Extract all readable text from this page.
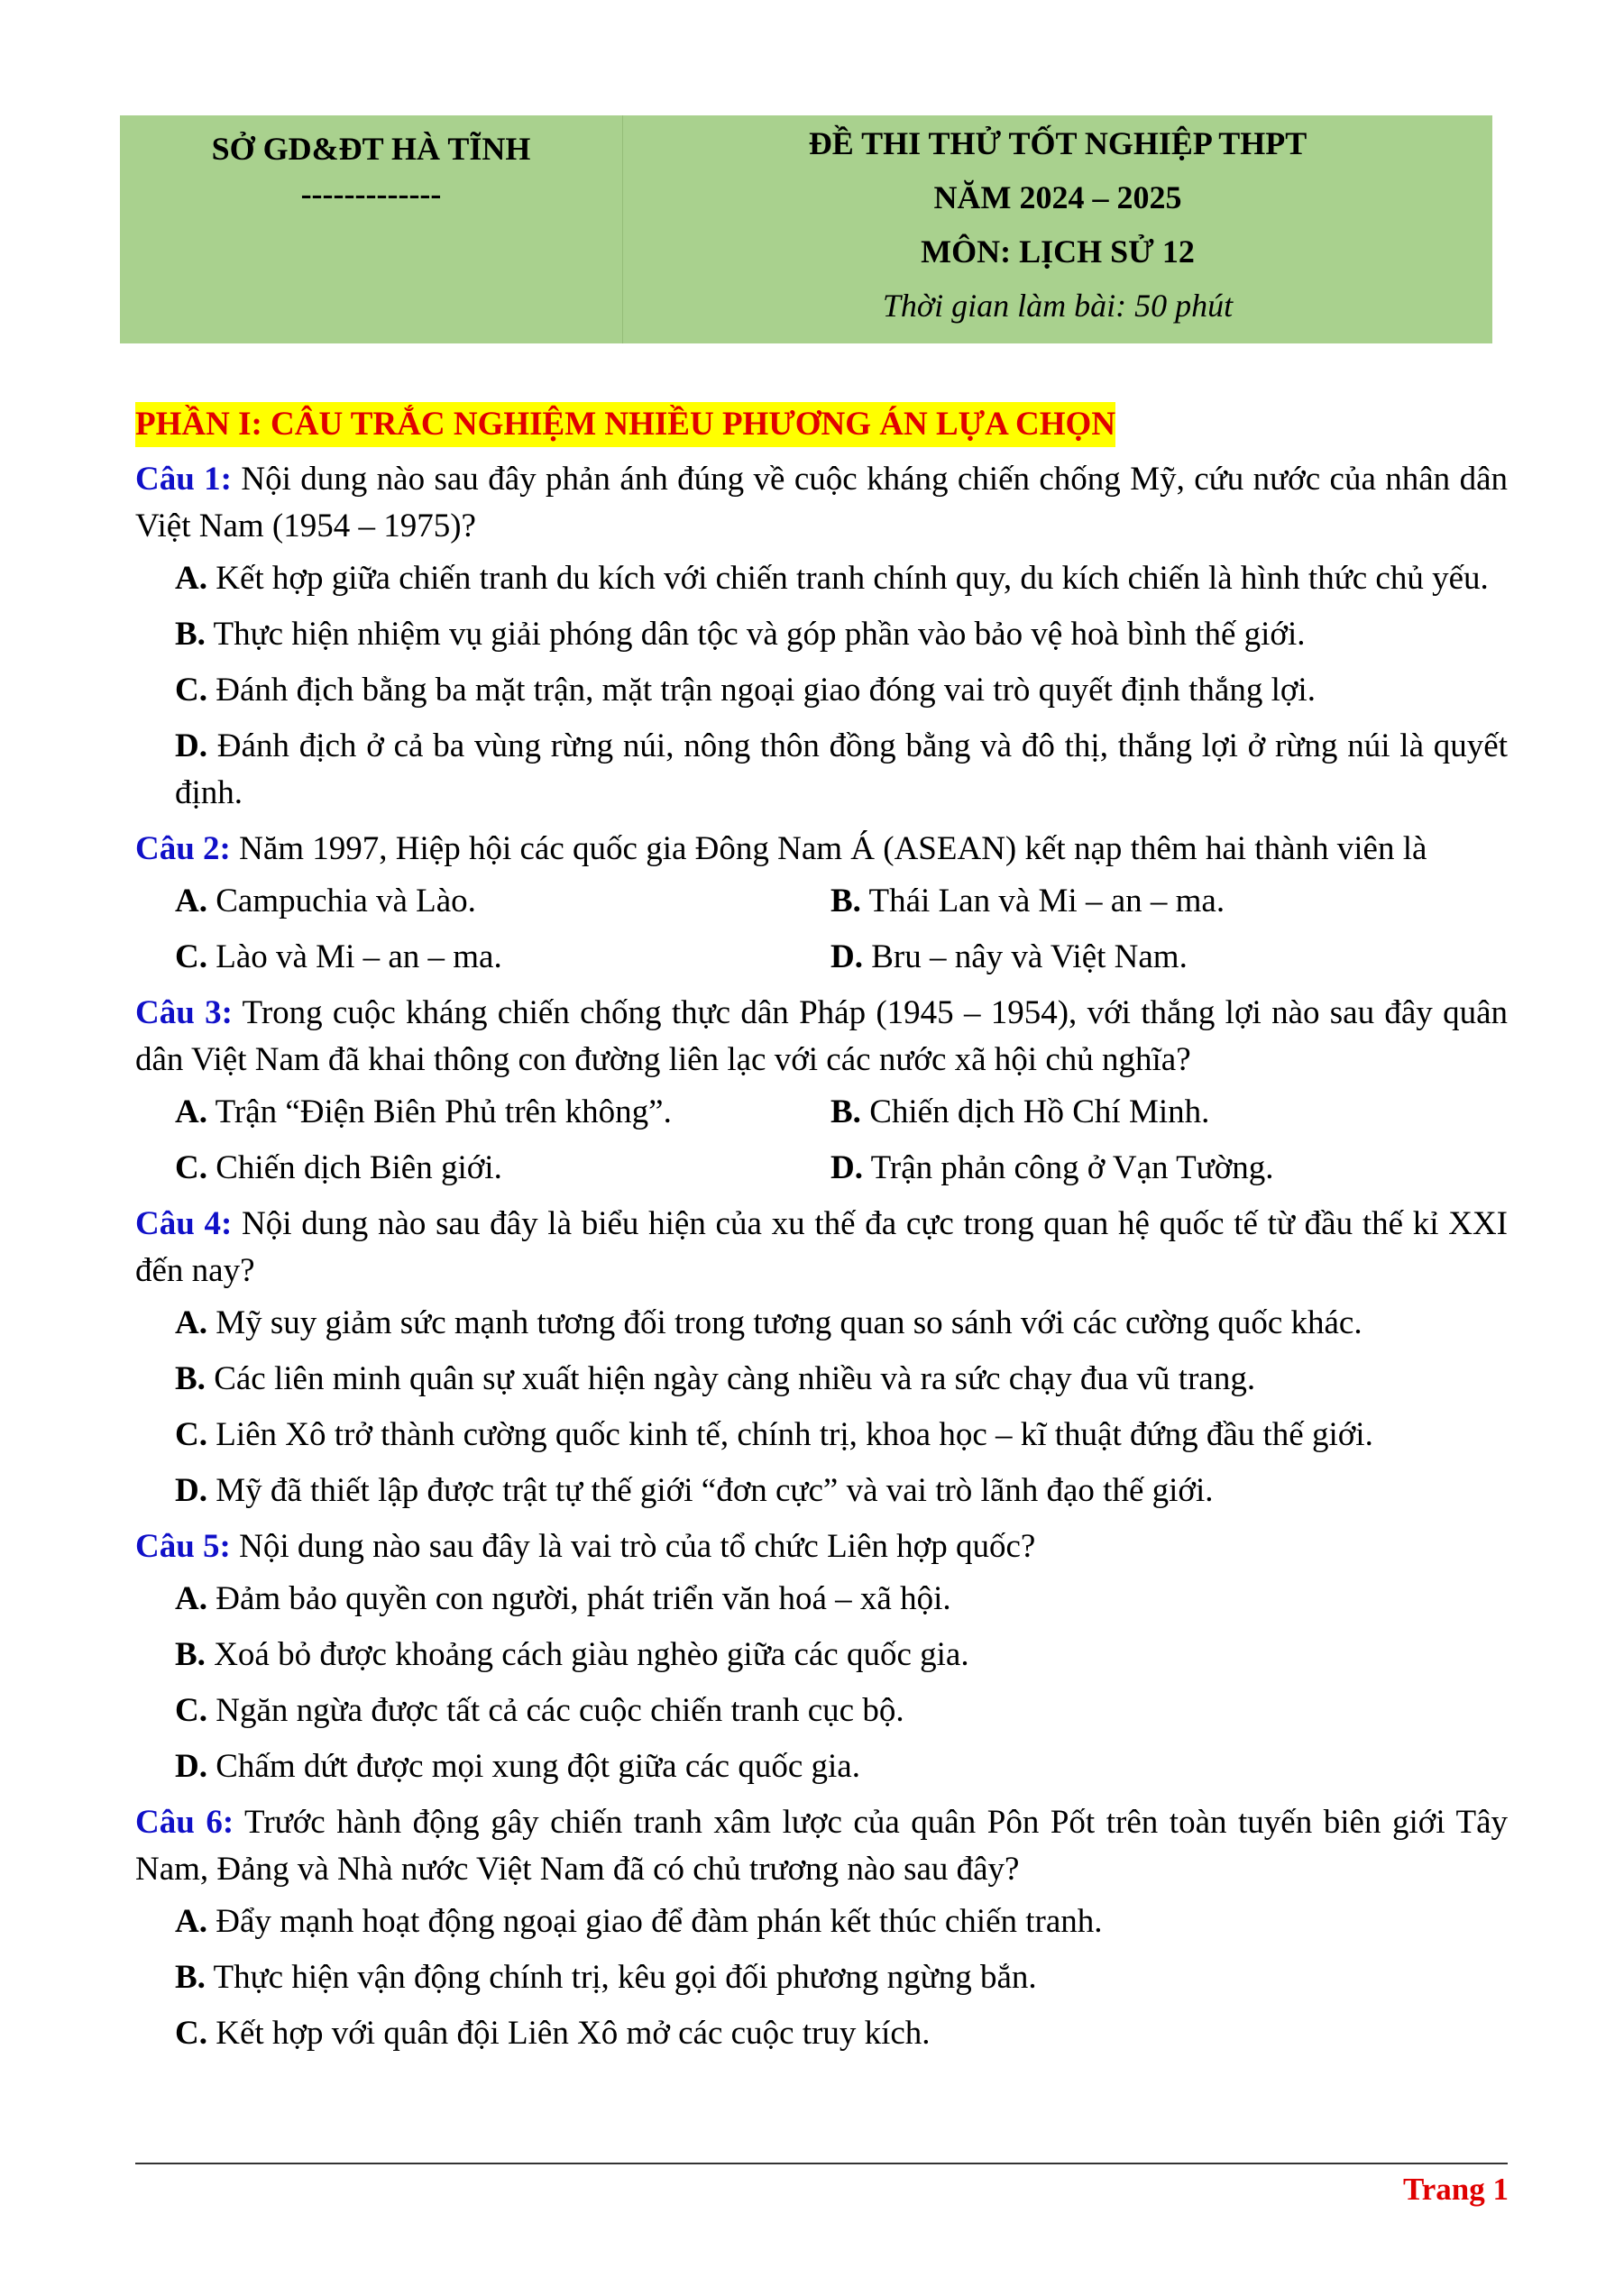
SỞ GD&ĐT HÀ TĨNH
-------------
ĐỀ THI THỬ TỐT NGHIỆP THPT
NĂM 2024 – 2025
MÔN: LỊCH SỬ 12
Thời gian làm bài: 50 phút
PHẦN I: CÂU TRẮC NGHIỆM NHIỀU PHƯƠNG ÁN LỰA CHỌN
Câu 1: Nội dung nào sau đây phản ánh đúng về cuộc kháng chiến chống Mỹ, cứu nước của nhân dân Việt Nam (1954 – 1975)?
A. Kết hợp giữa chiến tranh du kích với chiến tranh chính quy, du kích chiến là hình thức chủ yếu.
B. Thực hiện nhiệm vụ giải phóng dân tộc và góp phần vào bảo vệ hoà bình thế giới.
C. Đánh địch bằng ba mặt trận, mặt trận ngoại giao đóng vai trò quyết định thắng lợi.
D. Đánh địch ở cả ba vùng rừng núi, nông thôn đồng bằng và đô thị, thắng lợi ở rừng núi là quyết định.
Câu 2: Năm 1997, Hiệp hội các quốc gia Đông Nam Á (ASEAN) kết nạp thêm hai thành viên là
A. Campuchia và Lào.	B. Thái Lan và Mi – an – ma.
C. Lào và Mi – an – ma.	D. Bru – nây và Việt Nam.
Câu 3: Trong cuộc kháng chiến chống thực dân Pháp (1945 – 1954), với thắng lợi nào sau đây quân dân Việt Nam đã khai thông con đường liên lạc với các nước xã hội chủ nghĩa?
A. Trận “Điện Biên Phủ trên không”.	B. Chiến dịch Hồ Chí Minh.
C. Chiến dịch Biên giới.	D. Trận phản công ở Vạn Tường.
Câu 4: Nội dung nào sau đây là biểu hiện của xu thế đa cực trong quan hệ quốc tế từ đầu thế kỉ XXI đến nay?
A. Mỹ suy giảm sức mạnh tương đối trong tương quan so sánh với các cường quốc khác.
B. Các liên minh quân sự xuất hiện ngày càng nhiều và ra sức chạy đua vũ trang.
C. Liên Xô trở thành cường quốc kinh tế, chính trị, khoa học – kĩ thuật đứng đầu thế giới.
D. Mỹ đã thiết lập được trật tự thế giới “đơn cực” và vai trò lãnh đạo thế giới.
Câu 5: Nội dung nào sau đây là vai trò của tổ chức Liên hợp quốc?
A. Đảm bảo quyền con người, phát triển văn hoá – xã hội.
B. Xoá bỏ được khoảng cách giàu nghèo giữa các quốc gia.
C. Ngăn ngừa được tất cả các cuộc chiến tranh cục bộ.
D. Chấm dứt được mọi xung đột giữa các quốc gia.
Câu 6: Trước hành động gây chiến tranh xâm lược của quân Pôn Pốt trên toàn tuyến biên giới Tây Nam, Đảng và Nhà nước Việt Nam đã có chủ trương nào sau đây?
A. Đẩy mạnh hoạt động ngoại giao để đàm phán kết thúc chiến tranh.
B. Thực hiện vận động chính trị, kêu gọi đối phương ngừng bắn.
C. Kết hợp với quân đội Liên Xô mở các cuộc truy kích.
Trang 1
